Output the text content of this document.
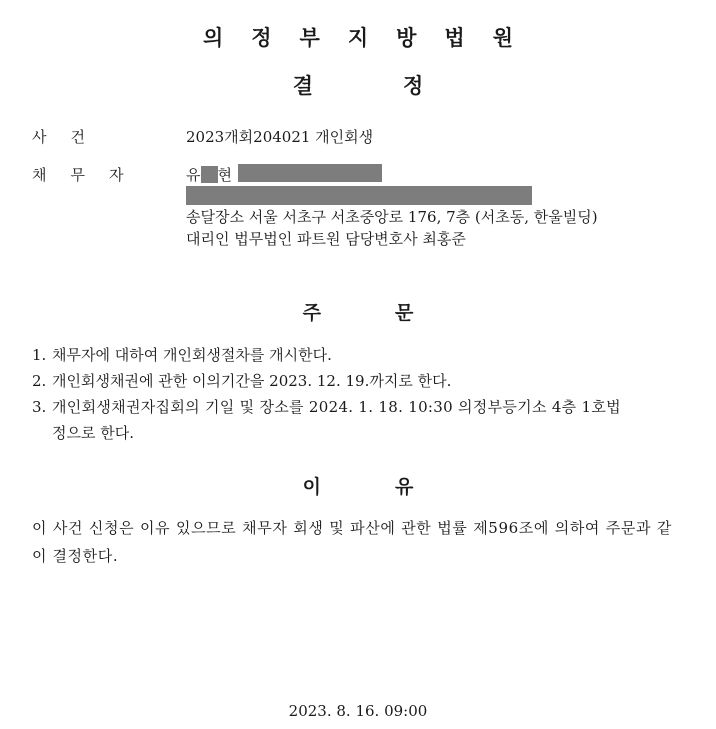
의정부지방법원
결정
사건	2023개회204021 개인회생
채무자	유 현
송달장소 서울 서초구 서초중앙로 176, 7층 (서초동, 한울빌딩)
대리인 법무법인 파트원 담당변호사 최홍준
주문
1. 채무자에 대하여 개인회생절차를 개시한다.
2. 개인회생채권에 관한 이의기간을 2023. 12. 19.까지로 한다.
3. 개인회생채권자집회의 기일 및 장소를 2024. 1. 18. 10:30 의정부등기소 4층 1호법
정으로 한다.
이유
이 사건 신청은 이유 있으므로 채무자 회생 및 파산에 관한 법률 제596조에 의하여 주문과 같이 결정한다.
2023. 8. 16. 09:00
